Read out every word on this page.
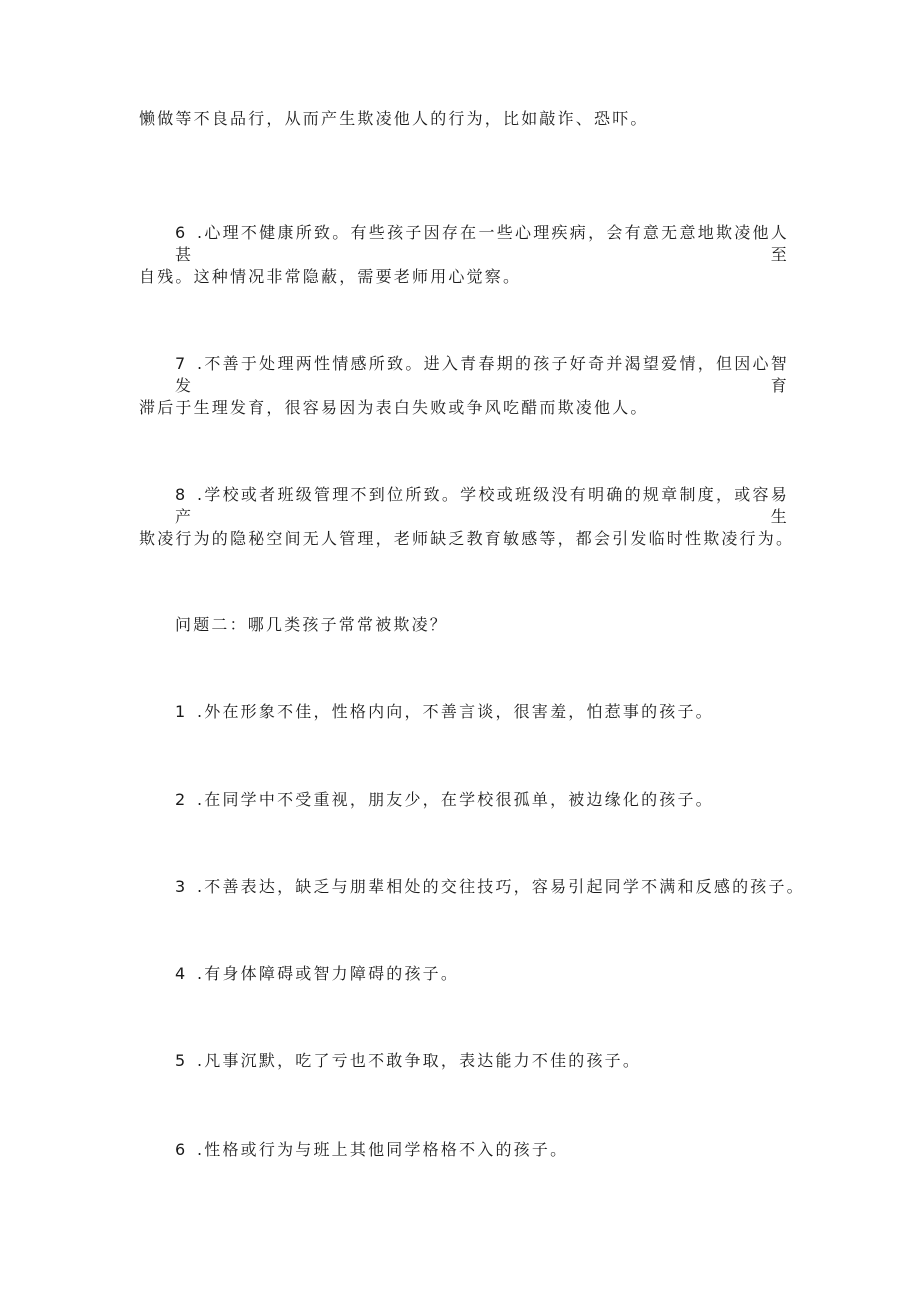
懒做等不良品行，从而产生欺凌他人的行为，比如敲诈、恐吓。
6 .心理不健康所致。有些孩子因存在一些心理疾病，会有意无意地欺凌他人甚至
自残。这种情况非常隐蔽，需要老师用心觉察。
7 .不善于处理两性情感所致。进入青春期的孩子好奇并渴望爱情，但因心智发育
滞后于生理发育，很容易因为表白失败或争风吃醋而欺凌他人。
8 .学校或者班级管理不到位所致。学校或班级没有明确的规章制度，或容易产生
欺凌行为的隐秘空间无人管理，老师缺乏教育敏感等，都会引发临时性欺凌行为。
问题二：哪几类孩子常常被欺凌？
1 .外在形象不佳，性格内向，不善言谈，很害羞，怕惹事的孩子。
2 .在同学中不受重视，朋友少，在学校很孤单，被边缘化的孩子。
3 .不善表达，缺乏与朋辈相处的交往技巧，容易引起同学不满和反感的孩子。
4 .有身体障碍或智力障碍的孩子。
5 .凡事沉默，吃了亏也不敢争取，表达能力不佳的孩子。
6 .性格或行为与班上其他同学格格不入的孩子。
